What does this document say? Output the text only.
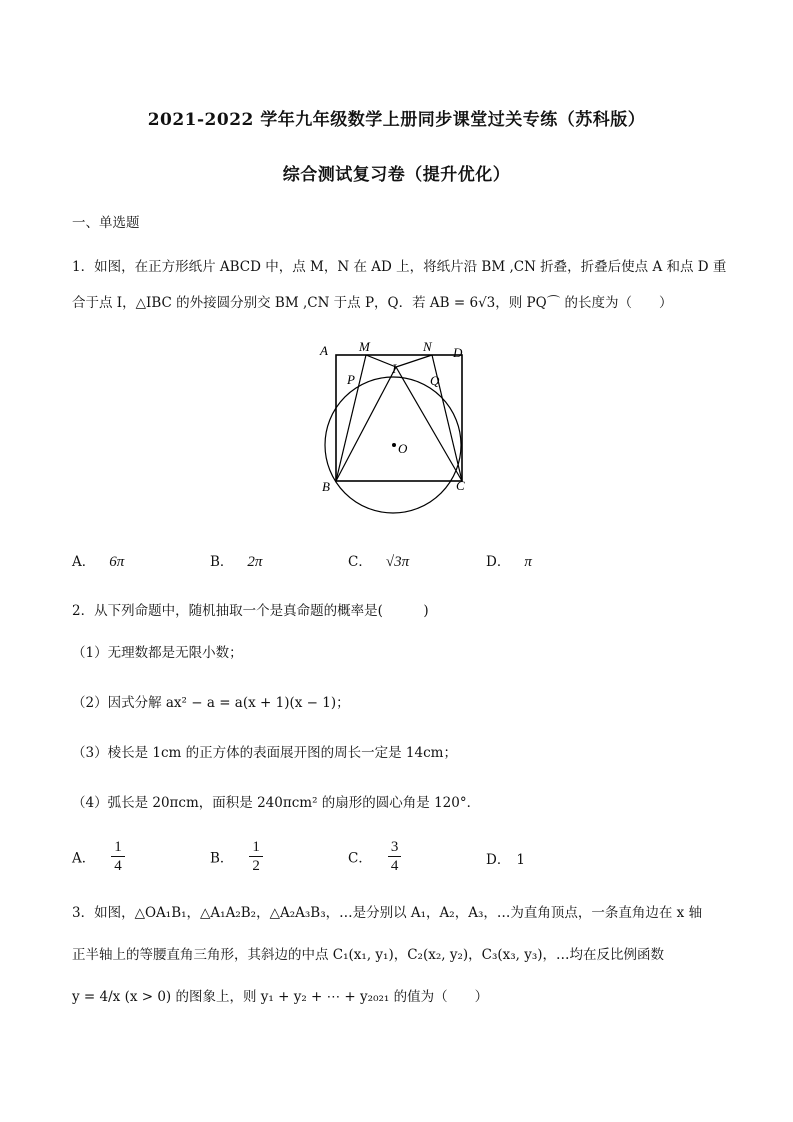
2021-2022 学年九年级数学上册同步课堂过关专练（苏科版）
综合测试复习卷（提升优化）
一、单选题
1．如图，在正方形纸片 ABCD 中，点 M，N 在 AD 上，将纸片沿 BM ,CN 折叠，折叠后使点 A 和点 D 重
合于点 I，△IBC 的外接圆分别交 BM ,CN 于点 P，Q．若 AB = 6√3，则 PQ⌒ 的长度为（　　）
A M	N D
P
I
Q
O
B	C
A． 6π	B． 2π	C． √3π	D． π
2．从下列命题中，随机抽取一个是真命题的概率是(　　　)
（1）无理数都是无限小数；
（2）因式分解 ax² − a = a(x + 1)(x − 1)；
（3）棱长是 1cm 的正方体的表面展开图的周长一定是 14cm；
（4）弧长是 20πcm，面积是 240πcm² 的扇形的圆心角是 120°．
A． $\frac{1}{4}$	B． $\frac{1}{2}$	C． $\frac{3}{4}$	D． 1
3．如图，△OA₁B₁，△A₁A₂B₂，△A₂A₃B₃，…是分别以 A₁，A₂，A₃，…为直角顶点，一条直角边在 x 轴
正半轴上的等腰直角三角形，其斜边的中点 C₁(x₁, y₁)，C₂(x₂, y₂)，C₃(x₃, y₃)，…均在反比例函数
y = 4/x (x > 0) 的图象上，则 y₁ + y₂ + ⋯ + y₂₀₂₁ 的值为（　　）
